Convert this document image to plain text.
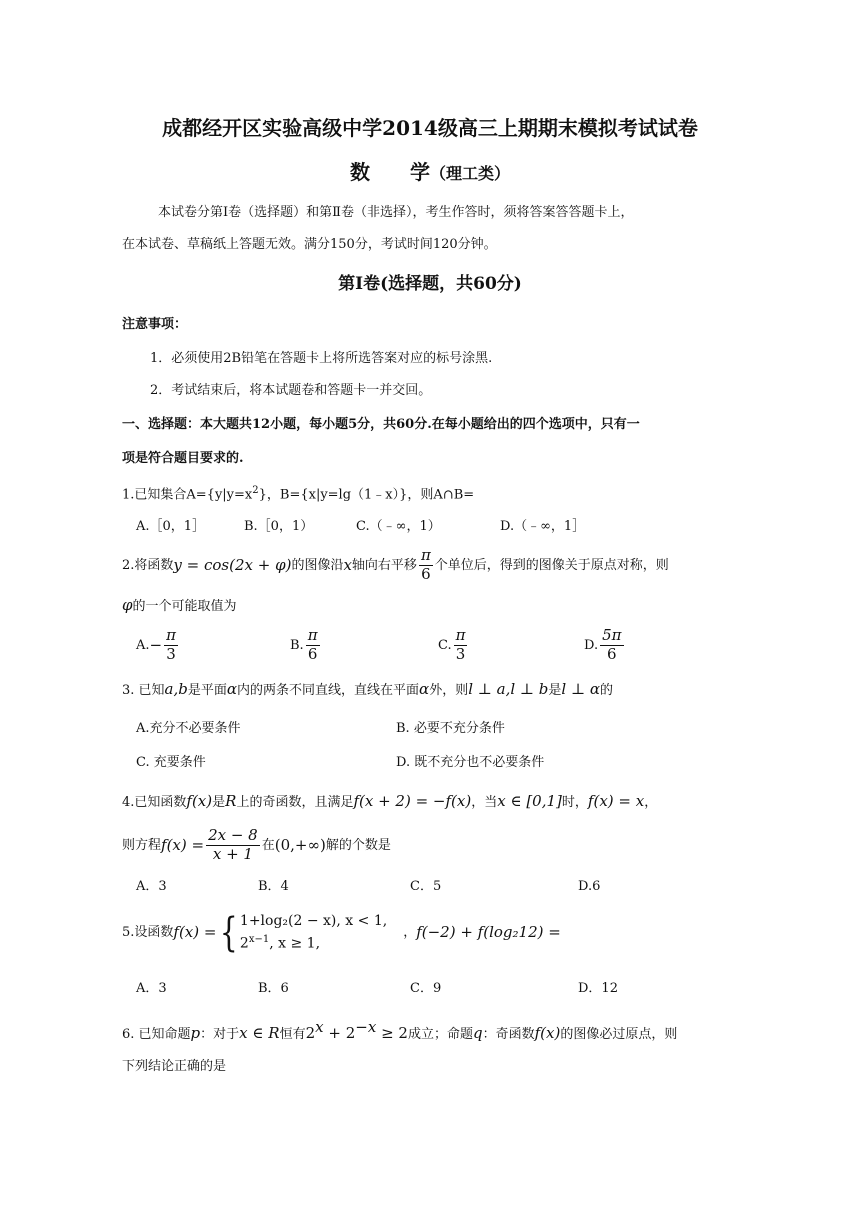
成都经开区实验高级中学2014级高三上期期末模拟考试试卷
数　　学（理工类）
本试卷分第Ⅰ卷（选择题）和第Ⅱ卷（非选择），考生作答时，须将答案答答题卡上，
在本试卷、草稿纸上答题无效。满分150分，考试时间120分钟。
第Ⅰ卷(选择题，共60分)
注意事项：
1．必须使用2B铅笔在答题卡上将所选答案对应的标号涂黑.
2．考试结束后，将本试题卷和答题卡一并交回。
一、选择题：本大题共12小题，每小题5分，共60分.在每小题给出的四个选项中，只有一
项是符合题目要求的.
1.已知集合$A=\{y|y=x^2\}$，B={x|y=lg（1﹣x）}，则A∩B=
A.［0，1］	B.［0，1）	C.（﹣∞，1）	D.（﹣∞，1］
2.将函数 y = cos(2x + φ) 的图像沿 x 轴向右平移 $\frac{\pi}{6}$ 个单位后，得到的图像关于原点对称，则
φ的一个可能取值为
A. − $\frac{\pi}{3}$	B. $\frac{\pi}{6}$	C. $\frac{\pi}{3}$	D. $\frac{5\pi}{6}$
3. 已知a,b是平面α内的两条不同直线，直线在平面α外，则l ⊥ a,l ⊥ b是l ⊥ α的
A.充分不必要条件	B. 必要不充分条件
C. 充要条件	D. 既不充分也不必要条件
4.已知函数f(x)是R上的奇函数，且满足f(x + 2) = −f(x)，当x ∈ [0,1]时，f(x) = x，
则方程 $f(x) = \frac{2x - 8}{x + 1}$ 在 (0,+∞) 解的个数是
A．3	B．4	C．5	D.6
5.设函数 f(x) = { 1+log₂(2 − x), x < 1,
$2^{x-1}$, x ≥ 1,
， f(−2) + f(log₂12) =
A．3	B．6	C．9	D．12
6. 已知命题p：对于x ∈ R恒有$2^x + 2^{-x} \ge 2$成立；命题q：奇函数f(x)的图像必过原点，则
下列结论正确的是
